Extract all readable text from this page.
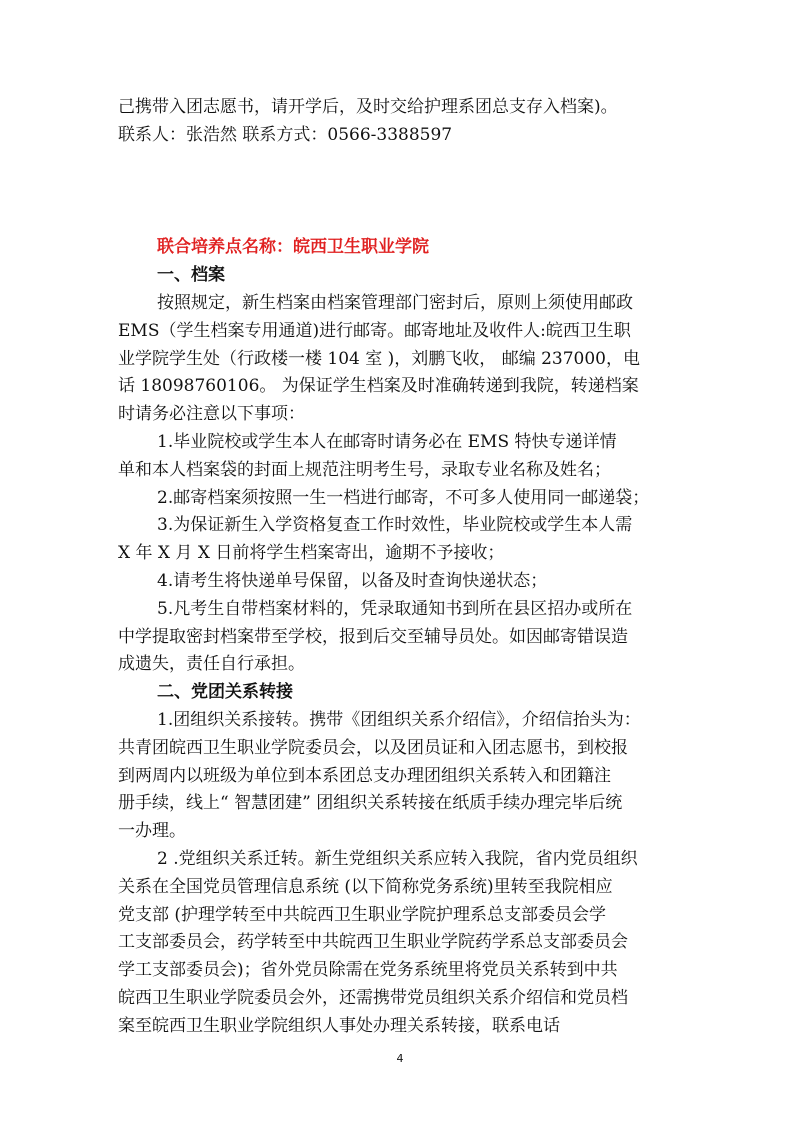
己携带入团志愿书，请开学后，及时交给护理系团总支存入档案)。
联系人：张浩然 联系方式：0566-3388597
联合培养点名称：皖西卫生职业学院
一、档案
按照规定，新生档案由档案管理部门密封后，原则上须使用邮政
EMS（学生档案专用通道)进行邮寄。邮寄地址及收件人:皖西卫生职
业学院学生处（行政楼一楼 104 室 )，刘鹏飞收， 邮编 237000，电
话 18098760106。 为保证学生档案及时准确转递到我院，转递档案
时请务必注意以下事项：
1.毕业院校或学生本人在邮寄时请务必在 EMS 特快专递详情
单和本人档案袋的封面上规范注明考生号，录取专业名称及姓名；
2.邮寄档案须按照一生一档进行邮寄，不可多人使用同一邮递袋；
3.为保证新生入学资格复查工作时效性，毕业院校或学生本人需
X 年 X 月 X 日前将学生档案寄出，逾期不予接收；
4.请考生将快递单号保留，以备及时查询快递状态；
5.凡考生自带档案材料的，凭录取通知书到所在县区招办或所在
中学提取密封档案带至学校，报到后交至辅导员处。如因邮寄错误造
成遗失，责任自行承担。
二、党团关系转接
1.团组织关系接转。携带《团组织关系介绍信》，介绍信抬头为：
共青团皖西卫生职业学院委员会，以及团员证和入团志愿书，到校报
到两周内以班级为单位到本系团总支办理团组织关系转入和团籍注
册手续，线上“ 智慧团建” 团组织关系转接在纸质手续办理完毕后统
一办理。
2 .党组织关系迁转。新生党组织关系应转入我院，省内党员组织
关系在全国党员管理信息系统 (以下简称党务系统)里转至我院相应
党支部 (护理学转至中共皖西卫生职业学院护理系总支部委员会学
工支部委员会，药学转至中共皖西卫生职业学院药学系总支部委员会
学工支部委员会)；省外党员除需在党务系统里将党员关系转到中共
皖西卫生职业学院委员会外，还需携带党员组织关系介绍信和党员档
案至皖西卫生职业学院组织人事处办理关系转接，联系电话
4
